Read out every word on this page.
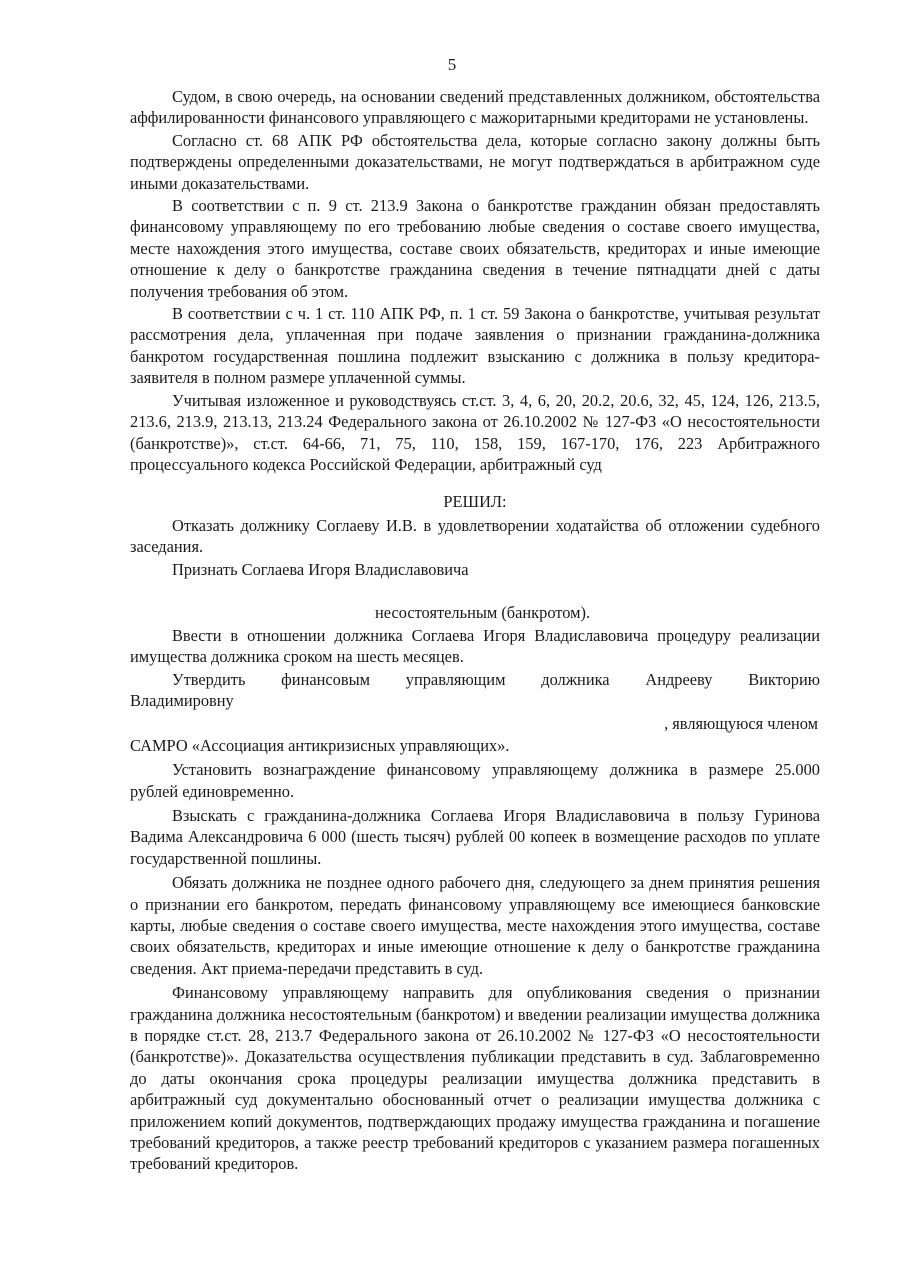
5

Судом, в свою очередь, на основании сведений представленных должником, обстоятельства аффилированности финансового управляющего с мажоритарными кредиторами не установлены.

Согласно ст. 68 АПК РФ обстоятельства дела, которые согласно закону должны быть подтверждены определенными доказательствами, не могут подтверждаться в арбитражном суде иными доказательствами.

В соответствии с п. 9 ст. 213.9 Закона о банкротстве гражданин обязан предоставлять финансовому управляющему по его требованию любые сведения о составе своего имущества, месте нахождения этого имущества, составе своих обязательств, кредиторах и иные имеющие отношение к делу о банкротстве гражданина сведения в течение пятнадцати дней с даты получения требования об этом.

В соответствии с ч. 1 ст. 110 АПК РФ, п. 1 ст. 59 Закона о банкротстве, учитывая результат рассмотрения дела, уплаченная при подаче заявления о признании гражданина-должника банкротом государственная пошлина подлежит взысканию с должника в пользу кредитора-заявителя в полном размере уплаченной суммы.

Учитывая изложенное и руководствуясь ст.ст. 3, 4, 6, 20, 20.2, 20.6, 32, 45, 124, 126, 213.5, 213.6, 213.9, 213.13, 213.24 Федерального закона от 26.10.2002 № 127-ФЗ «О несостоятельности (банкротстве)», ст.ст. 64-66, 71, 75, 110, 158, 159, 167-170, 176, 223 Арбитражного процессуального кодекса Российской Федерации, арбитражный суд

РЕШИЛ:

Отказать должнику Соглаеву И.В. в удовлетворении ходатайства об отложении судебного заседания.

Признать Соглаева Игоря Владиславовича

несостоятельным (банкротом).

Ввести в отношении должника Соглаева Игоря Владиславовича процедуру реализации имущества должника сроком на шесть месяцев.

Утвердить финансовым управляющим должника Андрееву Викторию

Владимировну

, являющуюся членом

САМРО «Ассоциация антикризисных управляющих».

Установить вознаграждение финансовому управляющему должника в размере 25.000 рублей единовременно.

Взыскать с гражданина-должника Соглаева Игоря Владиславовича в пользу Гуринова Вадима Александровича 6 000 (шесть тысяч) рублей 00 копеек в возмещение расходов по уплате государственной пошлины.

Обязать должника не позднее одного рабочего дня, следующего за днем принятия решения о признании его банкротом, передать финансовому управляющему все имеющиеся банковские карты, любые сведения о составе своего имущества, месте нахождения этого имущества, составе своих обязательств, кредиторах и иные имеющие отношение к делу о банкротстве гражданина сведения. Акт приема-передачи представить в суд.

Финансовому управляющему направить для опубликования сведения о признании гражданина должника несостоятельным (банкротом) и введении реализации имущества должника в порядке ст.ст. 28, 213.7 Федерального закона от 26.10.2002 № 127-ФЗ «О несостоятельности (банкротстве)». Доказательства осуществления публикации представить в суд. Заблаговременно до даты окончания срока процедуры реализации имущества должника представить в арбитражный суд документально обоснованный отчет о реализации имущества должника с приложением копий документов, подтверждающих продажу имущества гражданина и погашение требований кредиторов, а также реестр требований кредиторов с указанием размера погашенных требований кредиторов.
